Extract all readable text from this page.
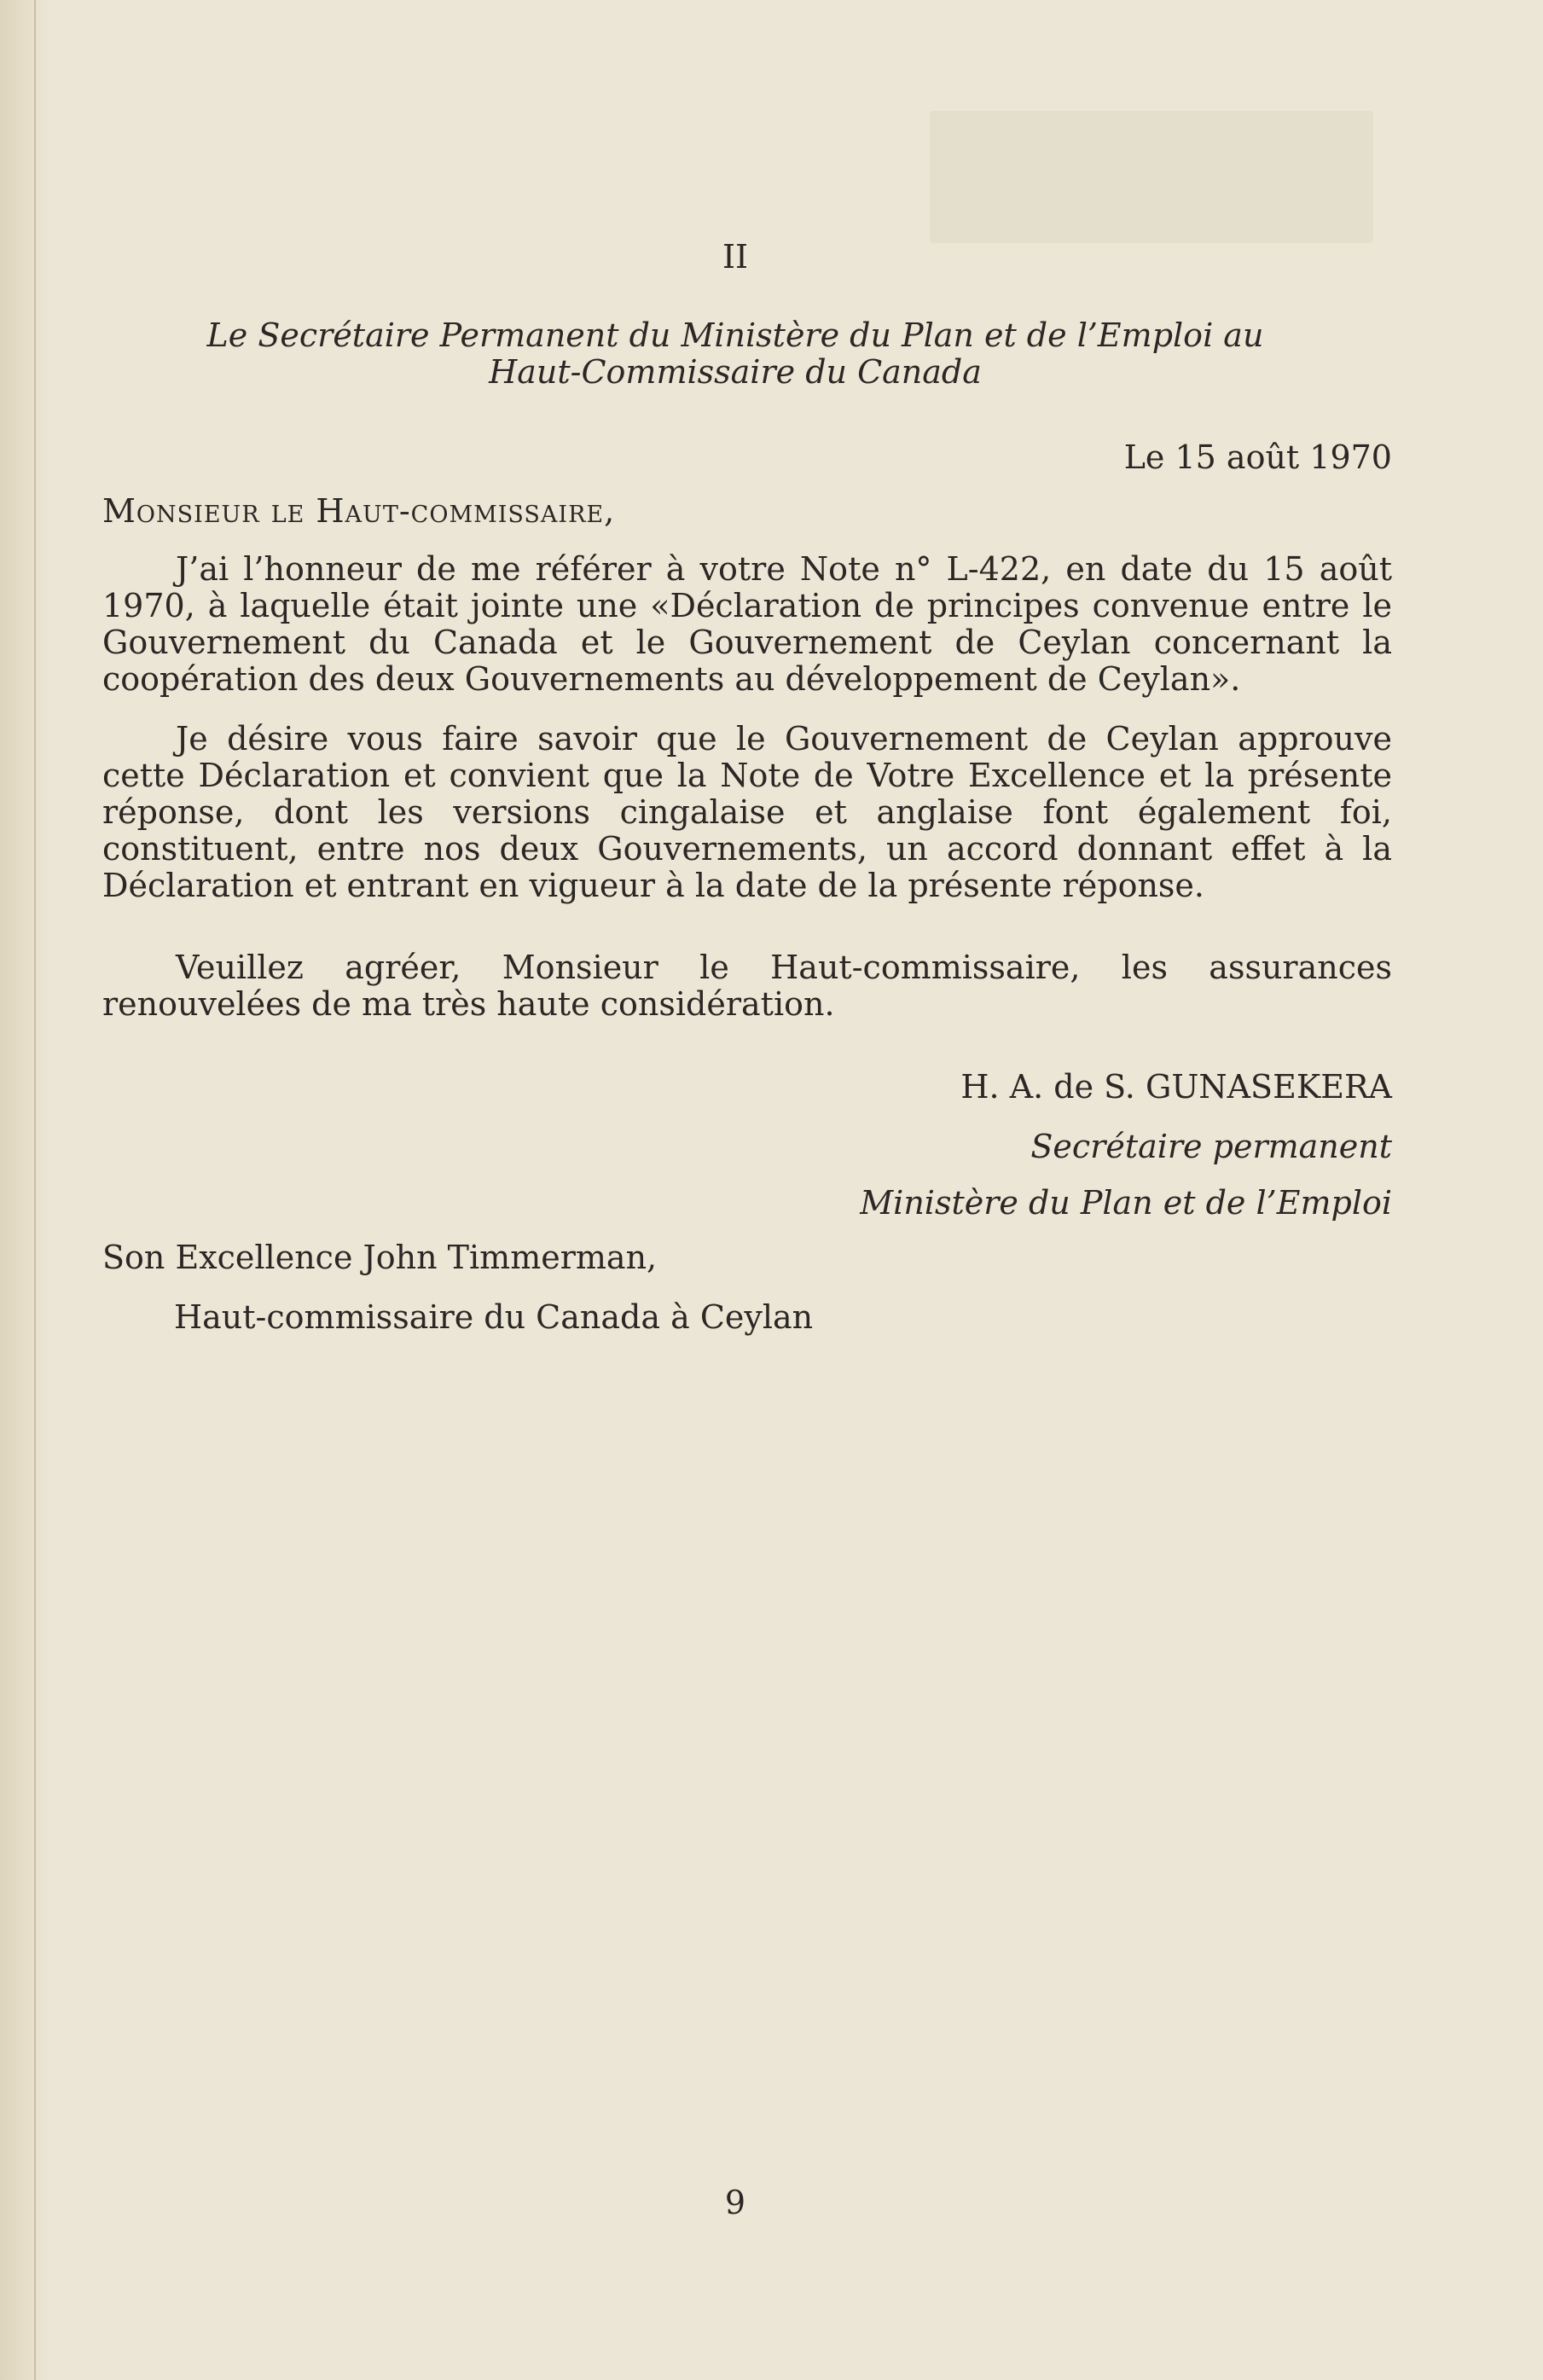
II
Le Secrétaire Permanent du Ministère du Plan et de l’Emploi au
Haut-Commissaire du Canada
Le 15 août 1970
Monsieur le Haut-commissaire,

J’ai l’honneur de me référer à votre Note n° L-422, en date du 15 août 1970, à laquelle était jointe une «Déclaration de principes convenue entre le Gouvernement du Canada et le Gouvernement de Ceylan concernant la coopération des deux Gouvernements au développement de Ceylan».

Je désire vous faire savoir que le Gouvernement de Ceylan approuve cette Déclaration et convient que la Note de Votre Excellence et la présente réponse, dont les versions cingalaise et anglaise font également foi, constituent, entre nos deux Gouvernements, un accord donnant effet à la Déclaration et entrant en vigueur à la date de la présente réponse.

Veuillez agréer, Monsieur le Haut-commissaire, les assurances renouvelées de ma très haute considération.

H. A. de S. GUNASEKERA
Secrétaire permanent
Ministère du Plan et de l’Emploi
Son Excellence John Timmerman,
Haut-commissaire du Canada à Ceylan
9
